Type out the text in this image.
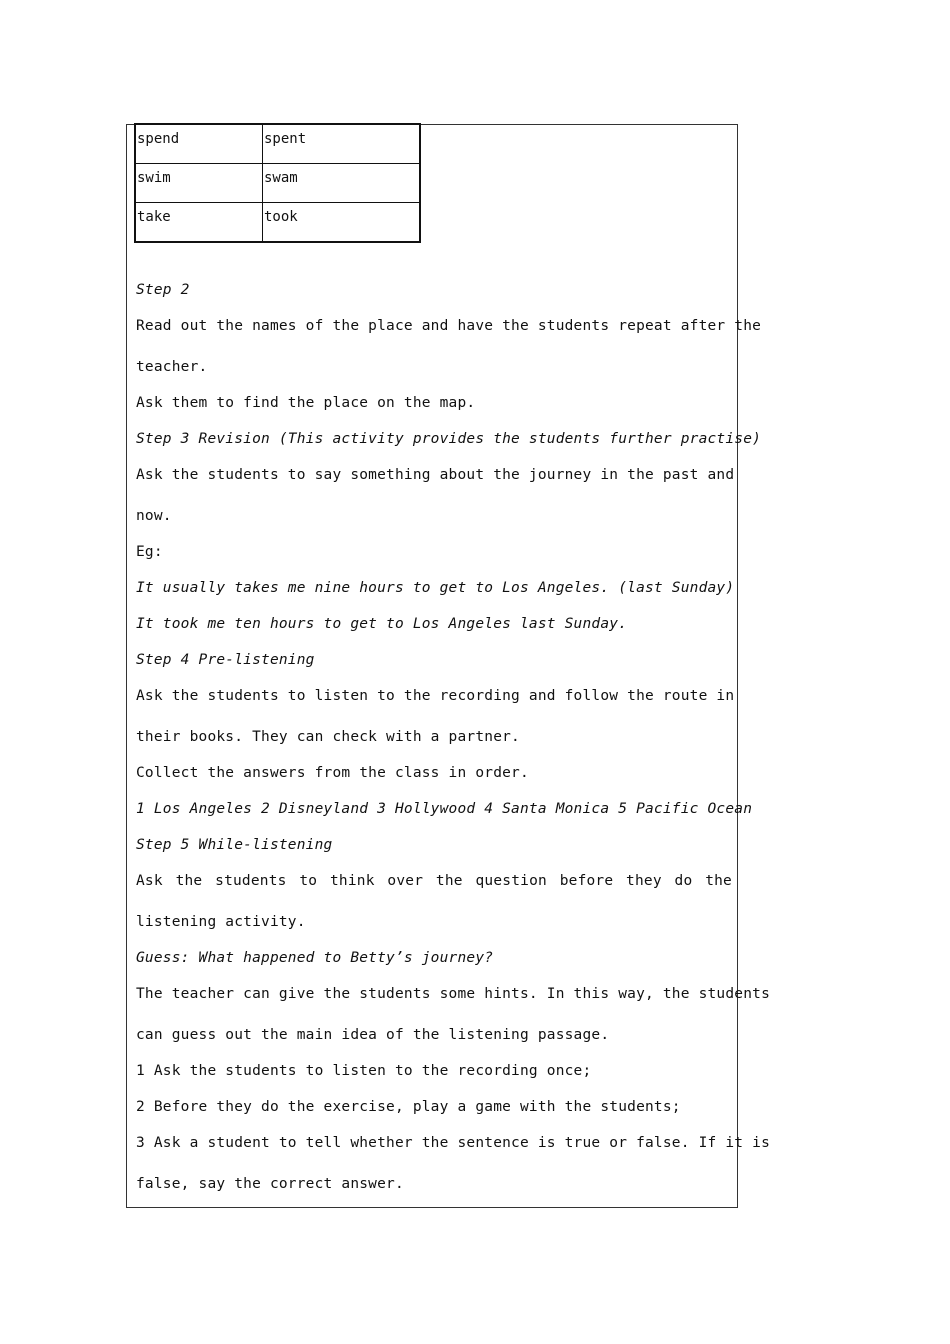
spend	spent
swim	swam
take	took
Step 2
Read out the names of the place and have the students repeat after the
teacher.
Ask them to find the place on the map.
Step 3 Revision (This activity provides the students further practise)
Ask the students to say something about the journey in the past and
now.
Eg:
It usually takes me nine hours to get to Los Angeles. (last Sunday)
It took me ten hours to get to Los Angeles last Sunday.
Step 4 Pre-listening
Ask the students to listen to the recording and follow the route in
their books. They can check with a partner.
Collect the answers from the class in order.
1 Los Angeles 2 Disneyland 3 Hollywood 4 Santa Monica 5 Pacific Ocean
Step 5 While-listening
Ask the students to think over the question before they do the
listening activity.
Guess: What happened to Betty’s journey?
The teacher can give the students some hints. In this way, the students
can guess out the main idea of the listening passage.
1 Ask the students to listen to the recording once;
2 Before they do the exercise, play a game with the students;
3 Ask a student to tell whether the sentence is true or false. If it is
false, say the correct answer.
